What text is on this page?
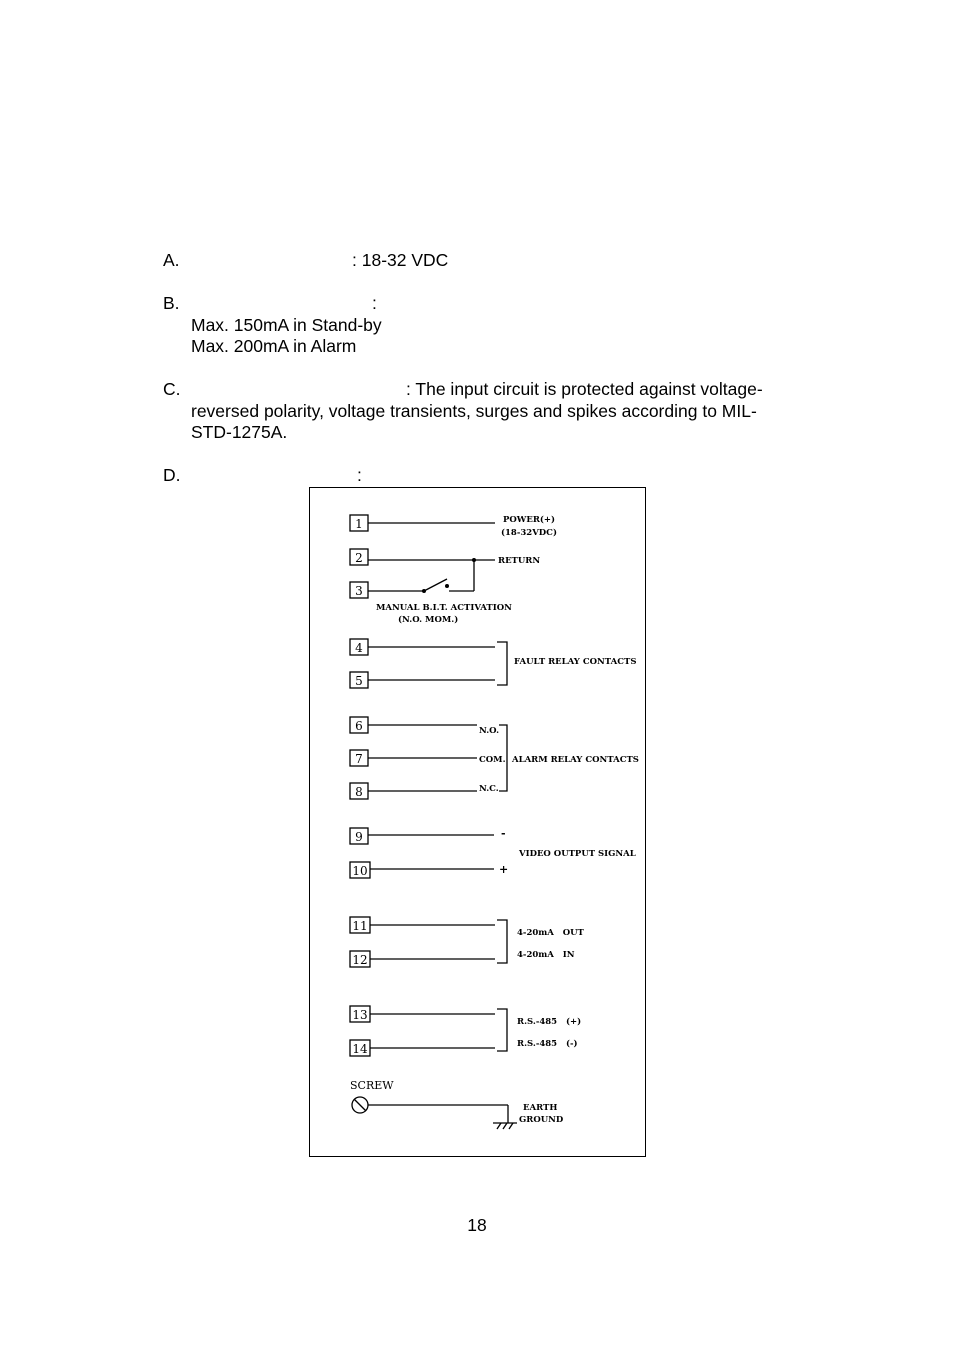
A.	: 18-32 VDC
B.	:
Max. 150mA in Stand-by
Max. 200mA in Alarm
C.	: The input circuit is protected against voltage-
reversed polarity, voltage transients, surges and spikes according to MIL-
STD-1275A.
D.	:
1
2
3
4
5
6
7
8
9
10
11
12
13
14
POWER(+)
(18-32VDC)
RETURN
MANUAL B.I.T. ACTIVATION
(N.O. MOM.)
FAULT RELAY CONTACTS
N.O.
COM.
N.C.
ALARM RELAY CONTACTS
-
+
VIDEO OUTPUT SIGNAL
4-20mA   OUT
4-20mA   IN
R.S.-485   (+)
R.S.-485   (-)
EARTH
GROUND
SCREW
18
